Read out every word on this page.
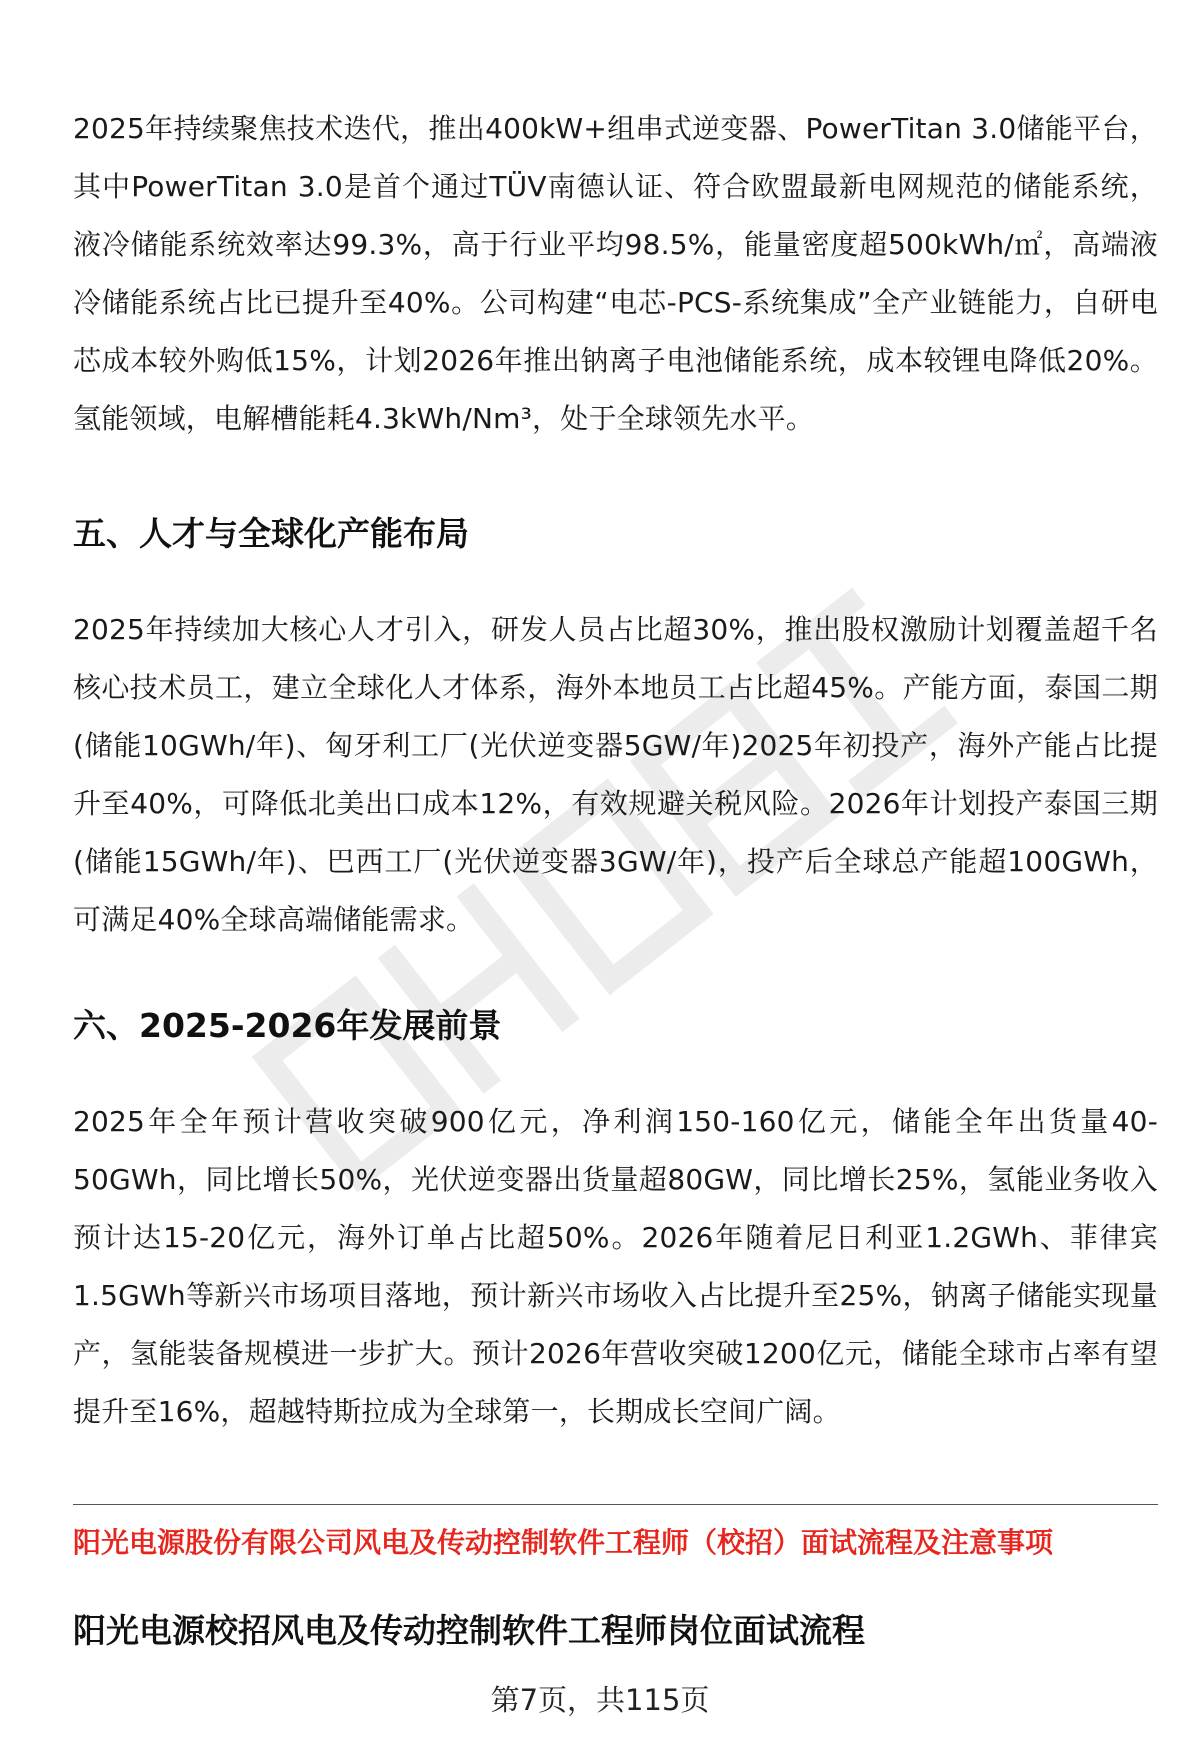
2025年持续聚焦技术迭代，推出400kW+组串式逆变器、PowerTitan 3.0储能平台，其中PowerTitan 3.0是首个通过TÜV南德认证、符合欧盟最新电网规范的储能系统，液冷储能系统效率达99.3%，高于行业平均98.5%，能量密度超500kWh/㎡，高端液冷储能系统占比已提升至40%。公司构建“电芯-PCS-系统集成”全产业链能力，自研电芯成本较外购低15%，计划2026年推出钠离子电池储能系统，成本较锂电降低20%。氢能领域，电解槽能耗4.3kWh/Nm³，处于全球领先水平。

五、人才与全球化产能布局

2025年持续加大核心人才引入，研发人员占比超30%，推出股权激励计划覆盖超千名核心技术员工，建立全球化人才体系，海外本地员工占比超45%。产能方面，泰国二期(储能10GWh/年)、匈牙利工厂(光伏逆变器5GW/年)2025年初投产，海外产能占比提升至40%，可降低北美出口成本12%，有效规避关税风险。2026年计划投产泰国三期(储能15GWh/年)、巴西工厂(光伏逆变器3GW/年)，投产后全球总产能超100GWh，可满足40%全球高端储能需求。

六、2025-2026年发展前景

2025年全年预计营收突破900亿元，净利润150-160亿元，储能全年出货量40-50GWh，同比增长50%，光伏逆变器出货量超80GW，同比增长25%，氢能业务收入预计达15-20亿元，海外订单占比超50%。2026年随着尼日利亚1.2GWh、菲律宾1.5GWh等新兴市场项目落地，预计新兴市场收入占比提升至25%，钠离子储能实现量产，氢能装备规模进一步扩大。预计2026年营收突破1200亿元，储能全球市占率有望提升至16%，超越特斯拉成为全球第一，长期成长空间广阔。

阳光电源股份有限公司风电及传动控制软件工程师（校招）面试流程及注意事项

阳光电源校招风电及传动控制软件工程师岗位面试流程

第7页，共115页
